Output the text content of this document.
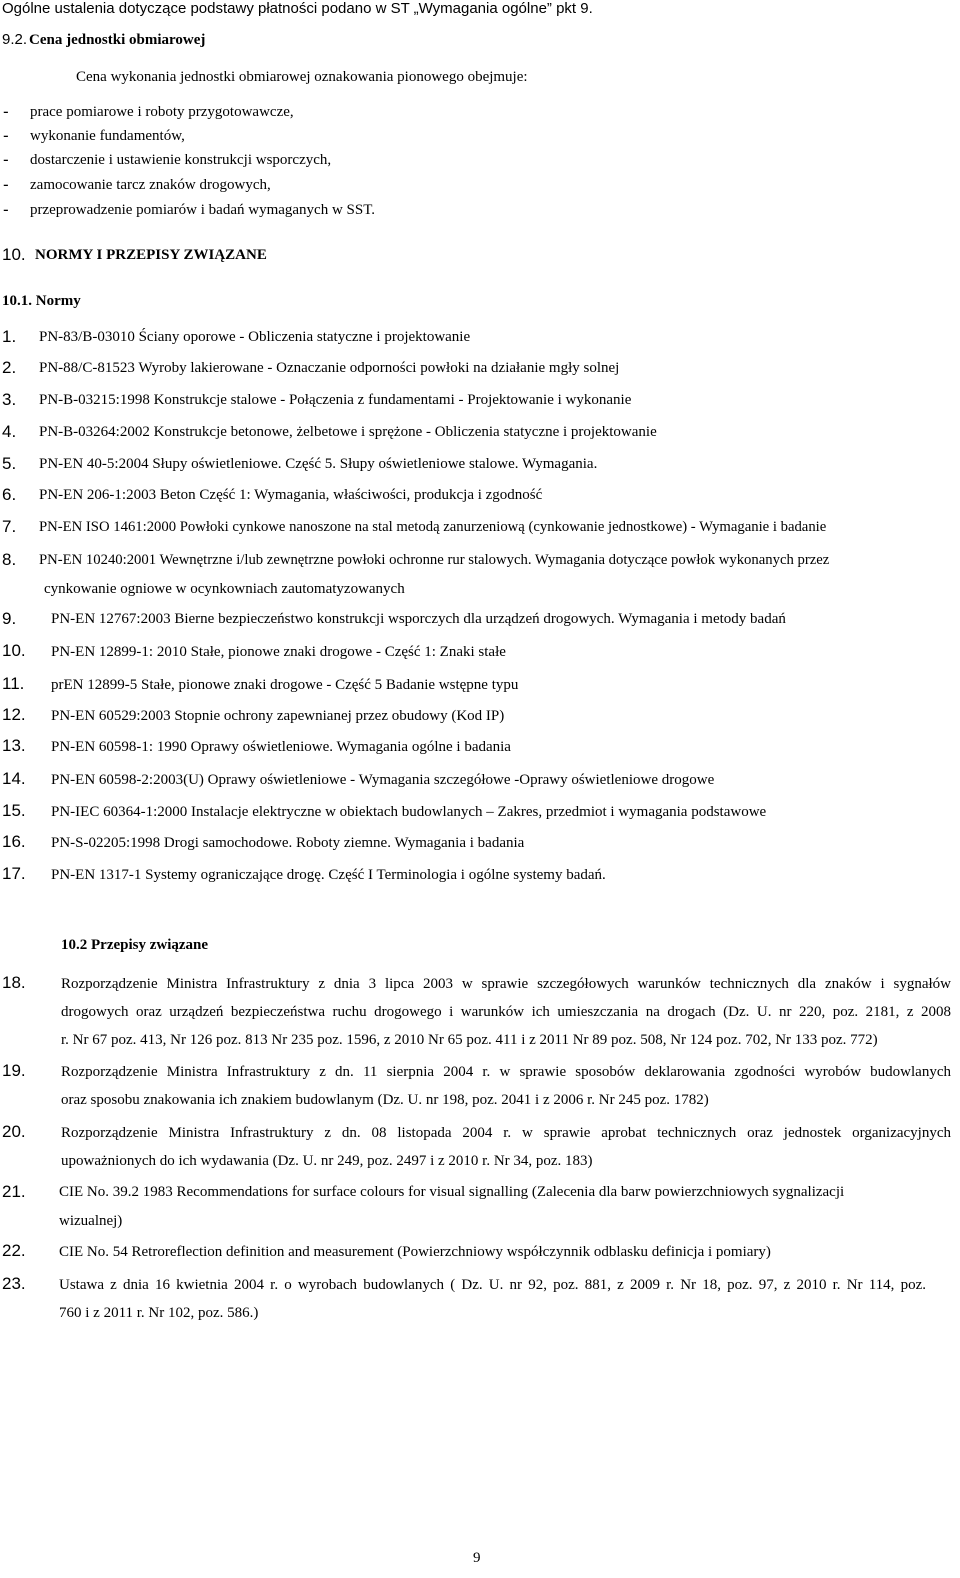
Ogólne ustalenia dotyczące podstawy płatności podano w ST „Wymagania ogólne” pkt 9.
9.2. Cena jednostki obmiarowej
Cena wykonania jednostki obmiarowej oznakowania pionowego obejmuje:
- prace pomiarowe i roboty przygotowawcze,
- wykonanie fundamentów,
- dostarczenie i ustawienie konstrukcji wsporczych,
- zamocowanie tarcz znaków drogowych,
- przeprowadzenie pomiarów i badań wymaganych w SST.
10. NORMY I PRZEPISY ZWIĄZANE
10.1. Normy
1. PN-83/B-03010 Ściany oporowe - Obliczenia statyczne i projektowanie
2. PN-88/C-81523 Wyroby lakierowane - Oznaczanie odporności powłoki na działanie mgły solnej
3. PN-B-03215:1998 Konstrukcje stalowe - Połączenia z fundamentami - Projektowanie i wykonanie
4. PN-B-03264:2002 Konstrukcje betonowe, żelbetowe i sprężone - Obliczenia statyczne i projektowanie
5. PN-EN 40-5:2004 Słupy oświetleniowe. Część 5. Słupy oświetleniowe stalowe. Wymagania.
6. PN-EN 206-1:2003 Beton Część 1: Wymagania, właściwości, produkcja i zgodność
7. PN-EN ISO 1461:2000 Powłoki cynkowe nanoszone na stal metodą zanurzeniową (cynkowanie jednostkowe) - Wymaganie i badanie
8. PN-EN 10240:2001 Wewnętrzne i/lub zewnętrzne powłoki ochronne rur stalowych. Wymagania dotyczące powłok wykonanych przez
cynkowanie ogniowe w ocynkowniach zautomatyzowanych
9. PN-EN 12767:2003 Bierne bezpieczeństwo konstrukcji wsporczych dla urządzeń drogowych. Wymagania i metody badań
10. PN-EN 12899-1: 2010 Stałe, pionowe znaki drogowe - Część 1: Znaki stałe
11. prEN 12899-5 Stałe, pionowe znaki drogowe - Część 5 Badanie wstępne typu
12. PN-EN 60529:2003 Stopnie ochrony zapewnianej przez obudowy (Kod IP)
13. PN-EN 60598-1: 1990 Oprawy oświetleniowe. Wymagania ogólne i badania
14. PN-EN 60598-2:2003(U) Oprawy oświetleniowe - Wymagania szczegółowe -Oprawy oświetleniowe drogowe
15. PN-IEC 60364-1:2000 Instalacje elektryczne w obiektach budowlanych – Zakres, przedmiot i wymagania podstawowe
16. PN-S-02205:1998 Drogi samochodowe. Roboty ziemne. Wymagania i badania
17. PN-EN 1317-1 Systemy ograniczające drogę. Część I Terminologia i ogólne systemy badań.
10.2 Przepisy związane
18. Rozporządzenie Ministra Infrastruktury z dnia 3 lipca 2003 w sprawie szczegółowych warunków technicznych dla znaków i sygnałów
drogowych oraz urządzeń bezpieczeństwa ruchu drogowego i warunków ich umieszczania na drogach (Dz. U. nr 220, poz. 2181, z 2008
r. Nr 67 poz. 413, Nr 126 poz. 813 Nr 235 poz. 1596, z 2010 Nr 65 poz. 411 i z 2011 Nr 89 poz. 508, Nr 124 poz. 702, Nr 133 poz. 772)
19. Rozporządzenie Ministra Infrastruktury z dn. 11 sierpnia 2004 r. w sprawie sposobów deklarowania zgodności wyrobów budowlanych
oraz sposobu znakowania ich znakiem budowlanym (Dz. U. nr 198, poz. 2041 i z 2006 r. Nr 245 poz. 1782)
20. Rozporządzenie Ministra Infrastruktury z dn. 08 listopada 2004 r. w sprawie aprobat technicznych oraz jednostek organizacyjnych
upoważnionych do ich wydawania (Dz. U. nr 249, poz. 2497 i z 2010 r. Nr 34, poz. 183)
21. CIE No. 39.2 1983 Recommendations for surface colours for visual signalling (Zalecenia dla barw powierzchniowych sygnalizacji
wizualnej)
22. CIE No. 54 Retroreflection definition and measurement (Powierzchniowy współczynnik odblasku definicja i pomiary)
23. Ustawa z dnia 16 kwietnia 2004 r. o wyrobach budowlanych ( Dz. U. nr 92, poz. 881, z 2009 r. Nr 18, poz. 97, z 2010 r. Nr 114, poz.
760 i z 2011 r. Nr 102, poz. 586.)
9
